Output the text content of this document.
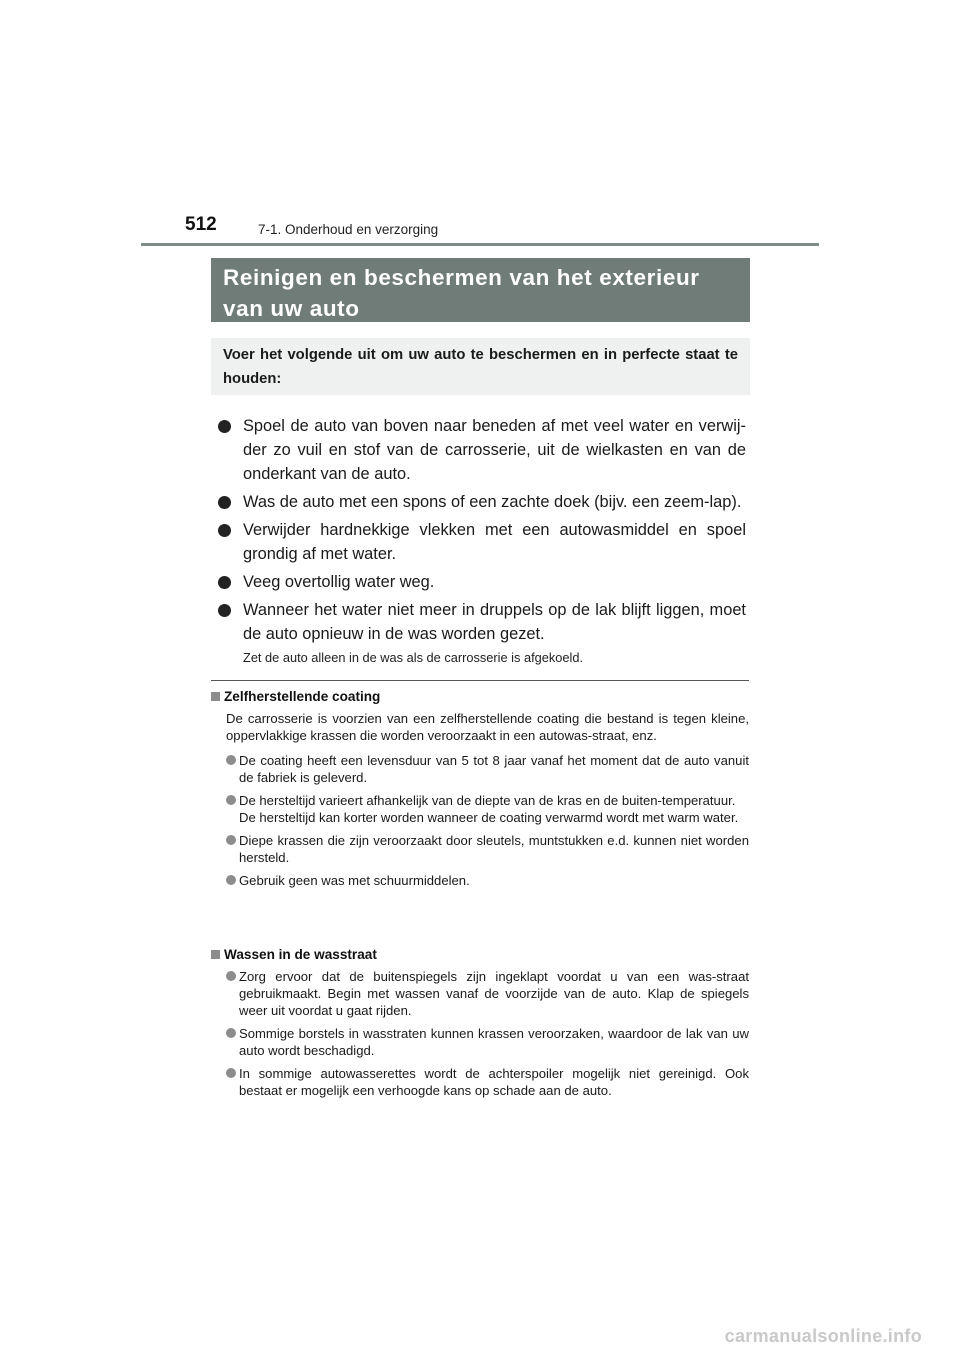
512	7-1. Onderhoud en verzorging
Reinigen en beschermen van het exterieur
van uw auto
Voer het volgende uit om uw auto te beschermen en in perfecte staat te houden:
Spoel de auto van boven naar beneden af met veel water en verwij-der zo vuil en stof van de carrosserie, uit de wielkasten en van de onderkant van de auto.
Was de auto met een spons of een zachte doek (bijv. een zeem-lap).
Verwijder hardnekkige vlekken met een autowasmiddel en spoel grondig af met water.
Veeg overtollig water weg.
Wanneer het water niet meer in druppels op de lak blijft liggen, moet de auto opnieuw in de was worden gezet.
Zet de auto alleen in de was als de carrosserie is afgekoeld.
Zelfherstellende coating
De carrosserie is voorzien van een zelfherstellende coating die bestand is tegen kleine, oppervlakkige krassen die worden veroorzaakt in een autowas-straat, enz.
De coating heeft een levensduur van 5 tot 8 jaar vanaf het moment dat de auto vanuit de fabriek is geleverd.
De hersteltijd varieert afhankelijk van de diepte van de kras en de buiten-temperatuur.
De hersteltijd kan korter worden wanneer de coating verwarmd wordt met warm water.
Diepe krassen die zijn veroorzaakt door sleutels, muntstukken e.d. kunnen niet worden hersteld.
Gebruik geen was met schuurmiddelen.
Wassen in de wasstraat
Zorg ervoor dat de buitenspiegels zijn ingeklapt voordat u van een was-straat gebruikmaakt. Begin met wassen vanaf de voorzijde van de auto. Klap de spiegels weer uit voordat u gaat rijden.
Sommige borstels in wasstraten kunnen krassen veroorzaken, waardoor de lak van uw auto wordt beschadigd.
In sommige autowasserettes wordt de achterspoiler mogelijk niet gereinigd. Ook bestaat er mogelijk een verhoogde kans op schade aan de auto.
carmanualsonline.info
